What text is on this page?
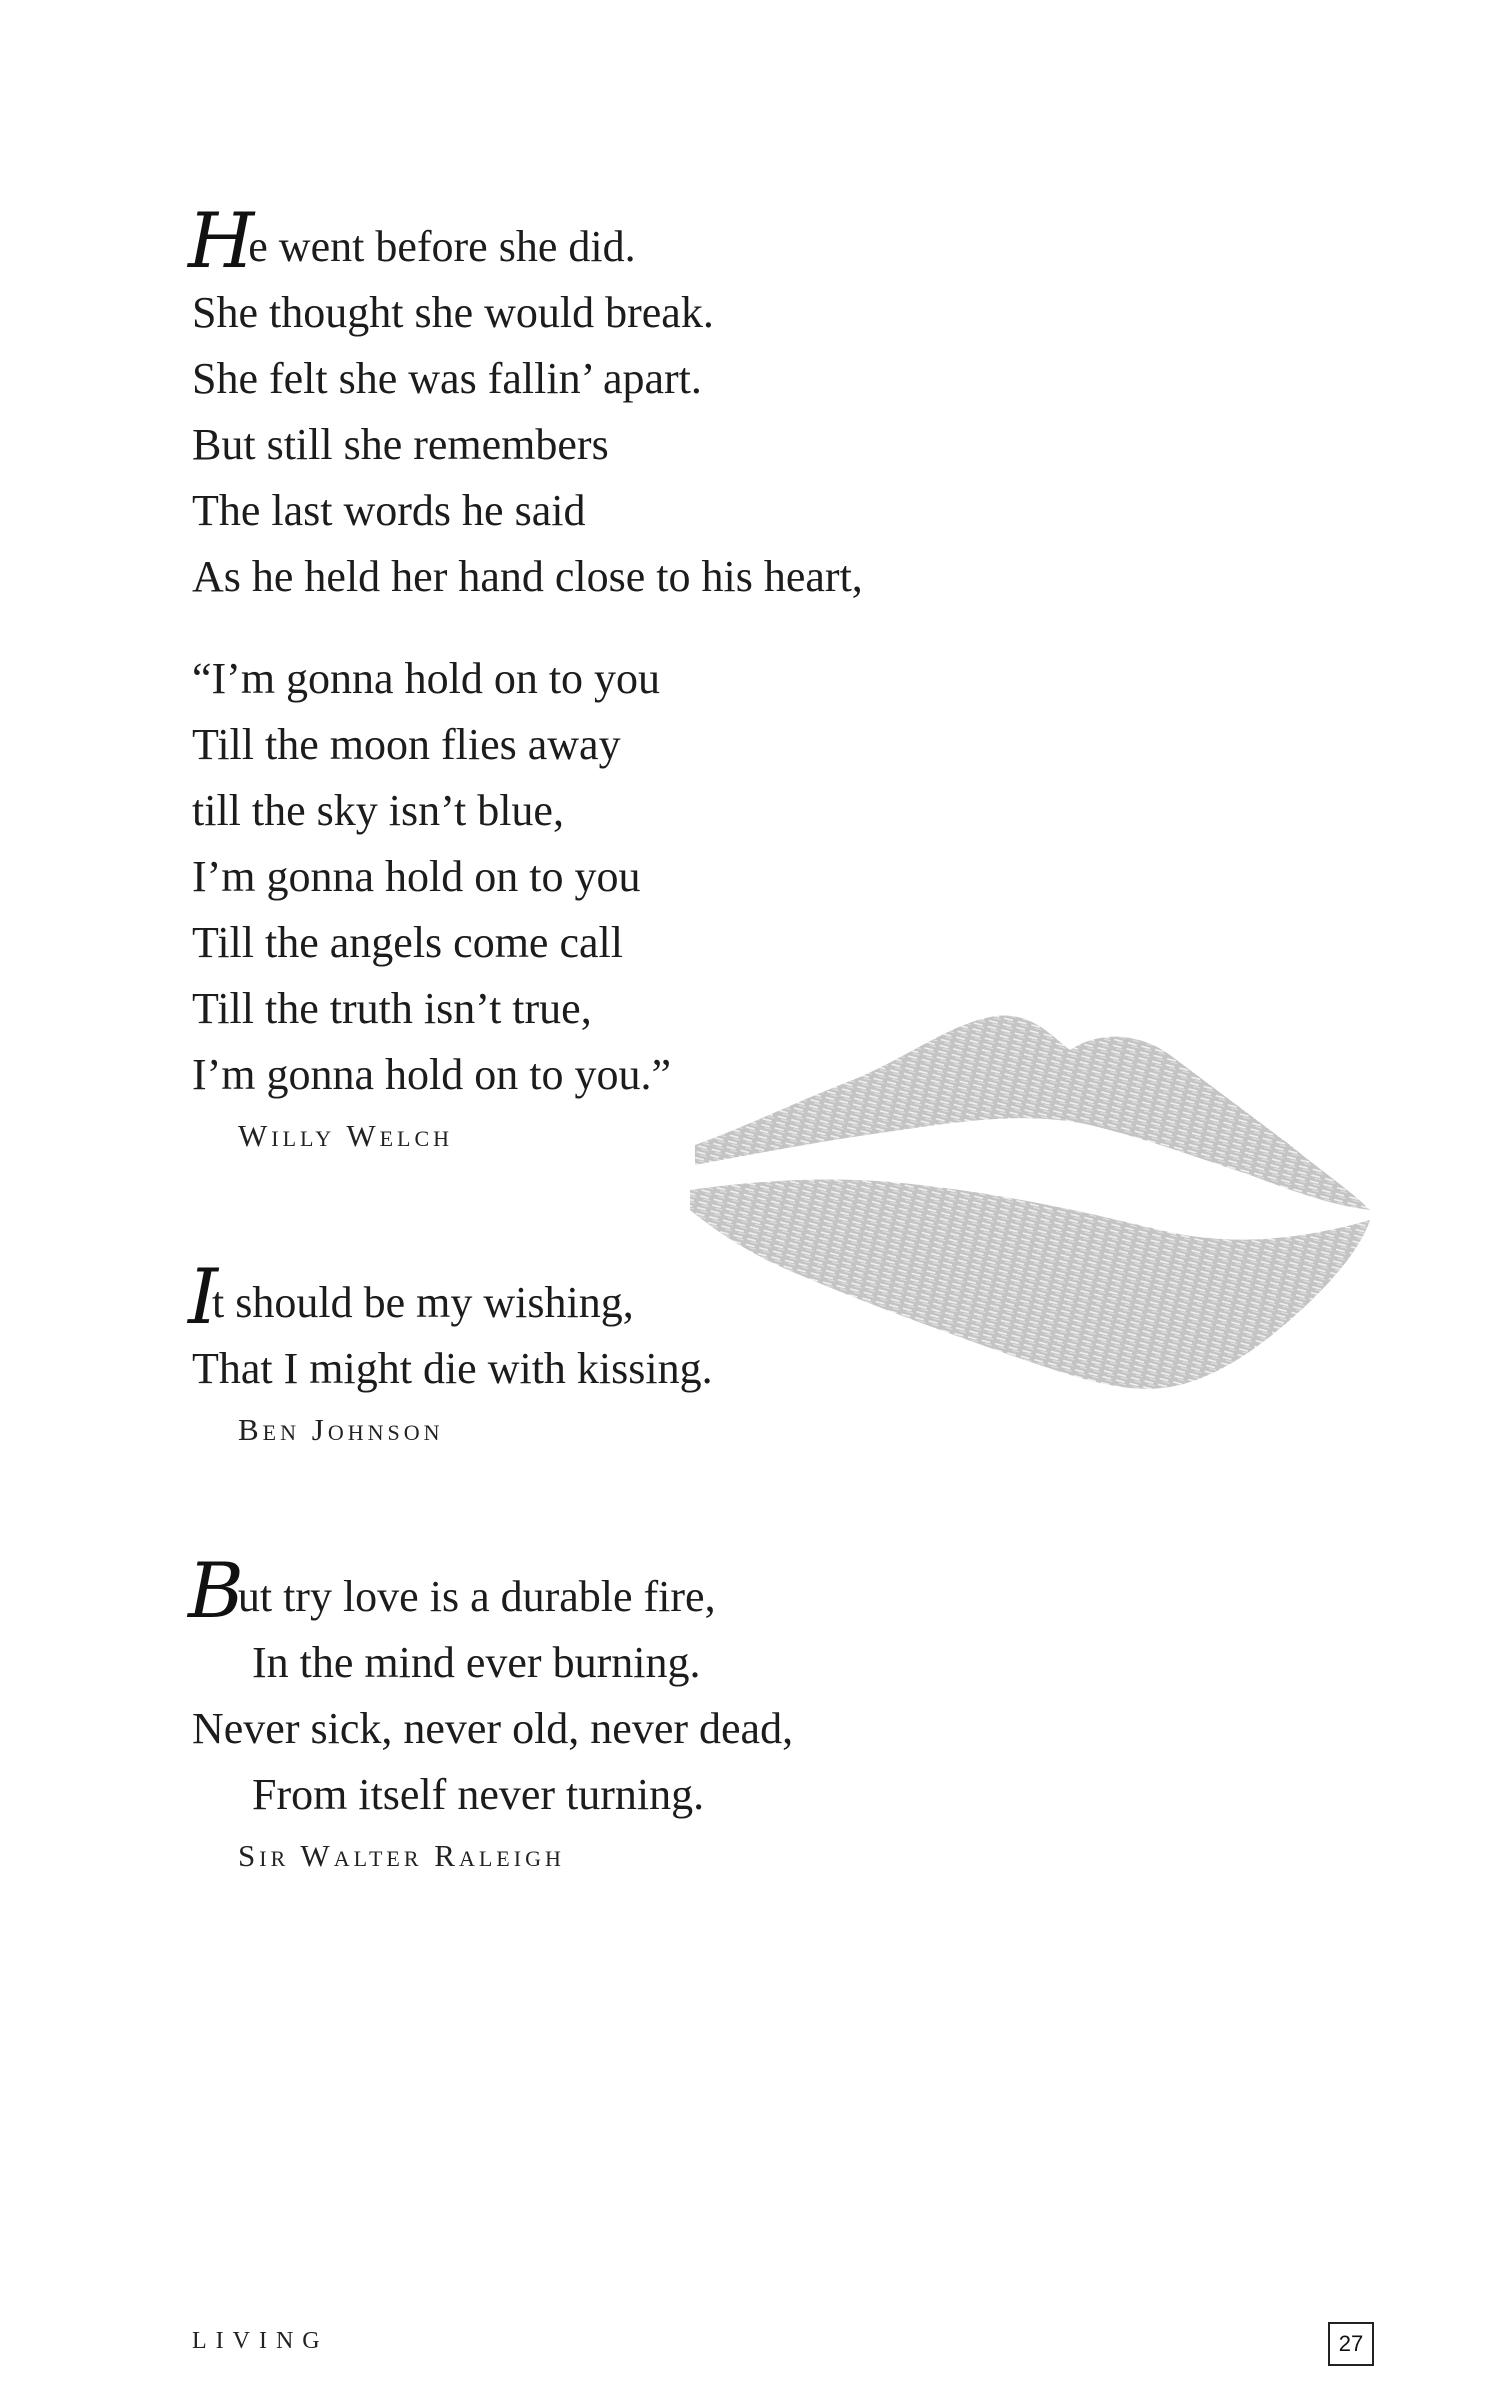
He went before she did.
She thought she would break.
She felt she was fallin’ apart.
But still she remembers
The last words he said
As he held her hand close to his heart,
“I’m gonna hold on to you
Till the moon flies away
till the sky isn’t blue,
I’m gonna hold on to you
Till the angels come call
Till the truth isn’t true,
I’m gonna hold on to you.”
Willy Welch
It should be my wishing,
That I might die with kissing.
Ben Johnson
But try love is a durable fire,
In the mind ever burning.
Never sick, never old, never dead,
From itself never turning.
Sir Walter Raleigh
LIVING	27
